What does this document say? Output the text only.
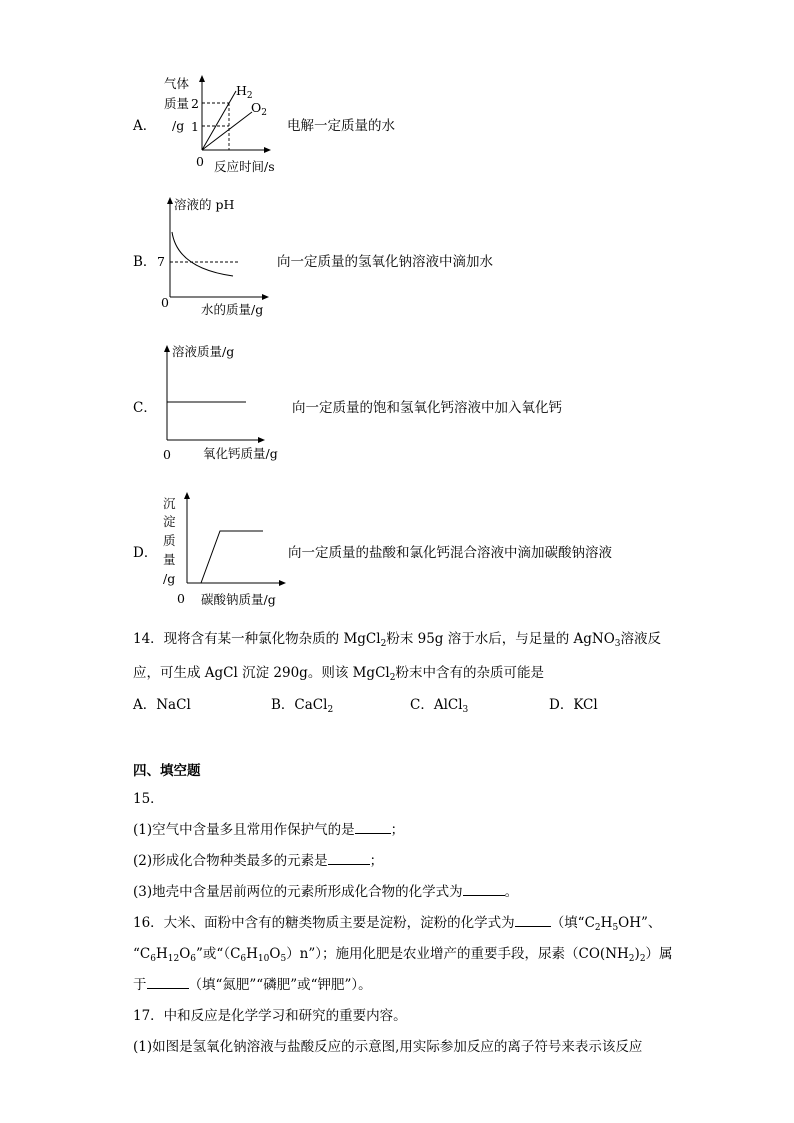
A．
气体
质量
/g
2
1
0 反应时间/s
$H_2$
$O_2$
电解一定质量的水
B．
溶液的 pH
7
0	水的质量/g
向一定质量的氢氧化钠溶液中滴加水
C．
溶液质量/g
0	氧化钙质量/g
向一定质量的饱和氢氧化钙溶液中加入氧化钙
D．
沉
淀
质
量
/g
0 碳酸钠质量/g
向一定质量的盐酸和氯化钙混合溶液中滴加碳酸钠溶液
14．现将含有某一种氯化物杂质的 MgCl$_2$粉末 95g 溶于水后，与足量的 AgNO$_3$溶液反
应，可生成 AgCl 沉淀 290g。则该 MgCl$_2$粉末中含有的杂质可能是
A．NaCl	B．CaCl$_2$	C．AlCl$_3$	D．KCl
四、填空题
15．
(1)空气中含量多且常用作保护气的是	；
(2)形成化合物种类最多的元素是	；
(3)地壳中含量居前两位的元素所形成化合物的化学式为	。
16．大米、面粉中含有的糖类物质主要是淀粉，淀粉的化学式为	（填“$C_2H_5OH$”、
“$C_6H_{12}O_6$”或“$(C_6H_{10}O_5)n$”）；施用化肥是农业增产的重要手段，尿素$(CO(NH_2)_2)$属
于	（填“氮肥”“磷肥”或“钾肥”）。
17．中和反应是化学学习和研究的重要内容。
(1)如图是氢氧化钠溶液与盐酸反应的示意图,用实际参加反应的离子符号来表示该反应
